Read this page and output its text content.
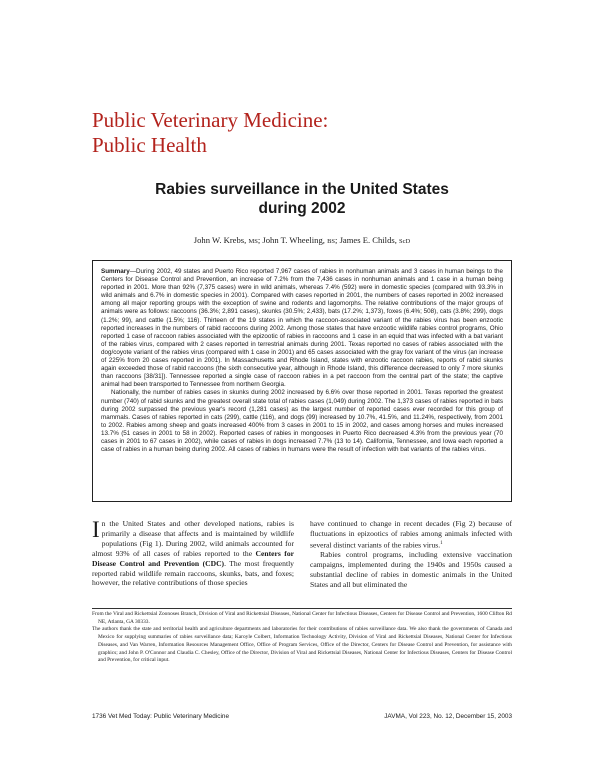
Public Veterinary Medicine:
Public Health
Rabies surveillance in the United States
during 2002
John W. Krebs, MS; John T. Wheeling, BS; James E. Childs, ScD

Summary—During 2002, 49 states and Puerto Rico reported 7,967 cases of rabies in nonhuman animals and 3 cases in human beings to the Centers for Disease Control and Prevention, an increase of 7.2% from the 7,436 cases in nonhuman animals and 1 case in a human being reported in 2001. More than 92% (7,375 cases) were in wild animals, whereas 7.4% (592) were in domestic species (compared with 93.3% in wild animals and 6.7% in domestic species in 2001). Compared with cases reported in 2001, the numbers of cases reported in 2002 increased among all major reporting groups with the exception of swine and rodents and lagomorphs. The relative contributions of the major groups of animals were as follows: raccoons (36.3%; 2,891 cases), skunks (30.5%; 2,433), bats (17.2%; 1,373), foxes (6.4%; 508), cats (3.8%; 299), dogs (1.2%; 99), and cattle (1.5%; 116). Thirteen of the 19 states in which the raccoon-associated variant of the rabies virus has been enzootic reported increases in the numbers of rabid raccoons during 2002. Among those states that have enzootic wildlife rabies control programs, Ohio reported 1 case of raccoon rabies associated with the epizootic of rabies in raccoons and 1 case in an equid that was infected with a bat variant of the rabies virus, compared with 2 cases reported in terrestrial animals during 2001. Texas reported no cases of rabies associated with the dog/coyote variant of the rabies virus (compared with 1 case in 2001) and 65 cases associated with the gray fox variant of the virus (an increase of 225% from 20 cases reported in 2001). In Massachusetts and Rhode Island, states with enzootic raccoon rabies, reports of rabid skunks again exceeded those of rabid raccoons (the sixth consecutive year, although in Rhode Island, this difference decreased to only 7 more skunks than raccoons [38/31]). Tennessee reported a single case of raccoon rabies in a pet raccoon from the central part of the state; the captive animal had been transported to Tennessee from northern Georgia.

Nationally, the number of rabies cases in skunks during 2002 increased by 6.6% over those reported in 2001. Texas reported the greatest number (740) of rabid skunks and the greatest overall state total of rabies cases (1,049) during 2002. The 1,373 cases of rabies reported in bats during 2002 surpassed the previous year's record (1,281 cases) as the largest number of reported cases ever recorded for this group of mammals. Cases of rabies reported in cats (299), cattle (116), and dogs (99) increased by 10.7%, 41.5%, and 11.24%, respectively, from 2001 to 2002. Rabies among sheep and goats increased 400% from 3 cases in 2001 to 15 in 2002, and cases among horses and mules increased 13.7% (51 cases in 2001 to 58 in 2002). Reported cases of rabies in mongooses in Puerto Rico decreased 4.3% from the previous year (70 cases in 2001 to 67 cases in 2002), while cases of rabies in dogs increased 7.7% (13 to 14). California, Tennessee, and Iowa each reported a case of rabies in a human being during 2002. All cases of rabies in humans were the result of infection with bat variants of the rabies virus.

In the United States and other developed nations, rabies is primarily a disease that affects and is maintained by wildlife populations (Fig 1). During 2002, wild animals accounted for almost 93% of all cases of rabies reported to the Centers for Disease Control and Prevention (CDC). The most frequently reported rabid wildlife remain raccoons, skunks, bats, and foxes; however, the relative contributions of those species

have continued to change in recent decades (Fig 2) because of fluctuations in epizootics of rabies among animals infected with several distinct variants of the rabies virus.$^1$

Rabies control programs, including extensive vaccination campaigns, implemented during the 1940s and 1950s caused a substantial decline of rabies in domestic animals in the United States and all but eliminated the

From the Viral and Rickettsial Zoonoses Branch, Division of Viral and Rickettsial Diseases, National Center for Infectious Diseases, Centers for Disease Control and Prevention, 1600 Clifton Rd NE, Atlanta, GA 30333.

The authors thank the state and territorial health and agriculture departments and laboratories for their contributions of rabies surveillance data. We also thank the governments of Canada and Mexico for supplying summaries of rabies surveillance data; Karoyle Colbert, Information Technology Activity, Division of Viral and Rickettsial Diseases, National Center for Infectious Diseases, and Van Warren, Information Resources Management Office, Office of Program Services, Office of the Director, Centers for Disease Control and Prevention, for assistance with graphics; and John P. O'Connor and Claudia C. Chesley, Office of the Director, Division of Viral and Rickettsial Diseases, National Center for Infectious Diseases, Centers for Disease Control and Prevention, for critical input.

1736 Vet Med Today: Public Veterinary Medicine	JAVMA, Vol 223, No. 12, December 15, 2003
